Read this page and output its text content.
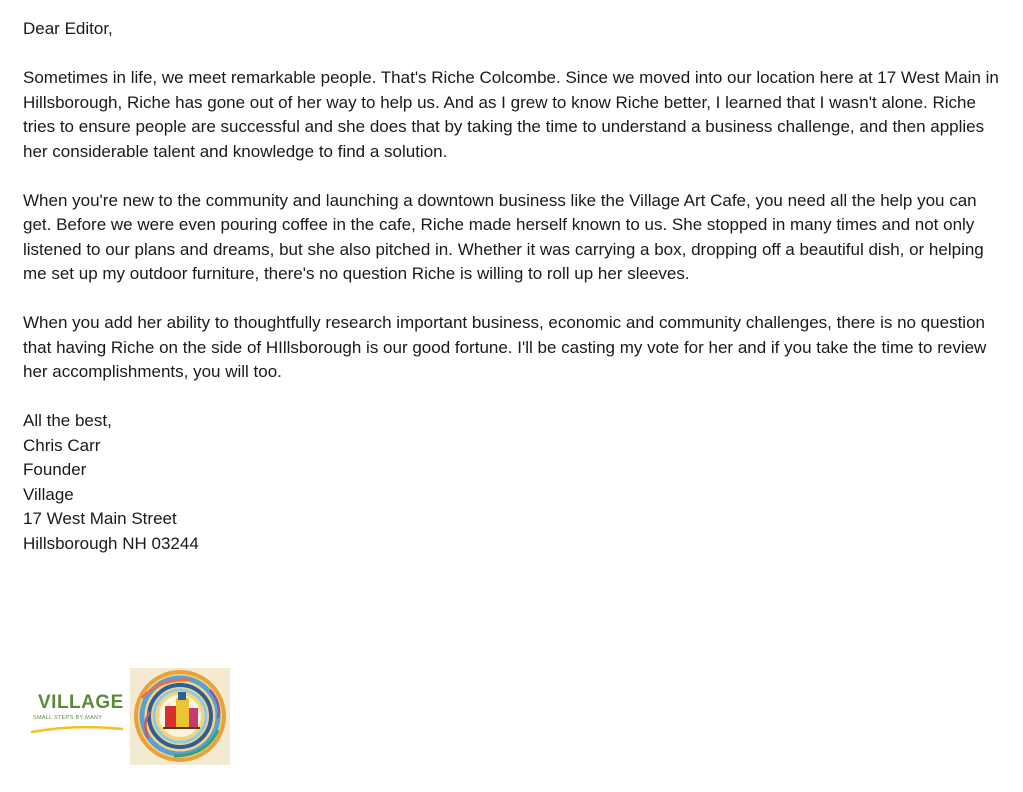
Dear Editor,

Sometimes in life, we meet remarkable people. That's Riche Colcombe. Since we moved into our location here at 17 West Main in Hillsborough, Riche has gone out of her way to help us. And as I grew to know Riche better, I learned that I wasn't alone. Riche tries to ensure people are successful and she does that by taking the time to understand a business challenge, and then applies her considerable talent and knowledge to find a solution.

When you're new to the community and launching a downtown business like the Village Art Cafe, you need all the help you can get. Before we were even pouring coffee in the cafe, Riche made herself known to us. She stopped in many times and not only listened to our plans and dreams, but she also pitched in. Whether it was carrying a box, dropping off a beautiful dish, or helping me set up my outdoor furniture, there's no question Riche is willing to roll up her sleeves.

When you add her ability to thoughtfully research important business, economic and community challenges, there is no question that having Riche on the side of HIllsborough is our good fortune. I'll be casting my vote for her and if you take the time to review her accomplishments, you will too.

All the best,

Chris Carr

Founder

Village

17 West Main Street

Hillsborough NH 03244

VILLAGE
SMALL STEPS BY MANY
